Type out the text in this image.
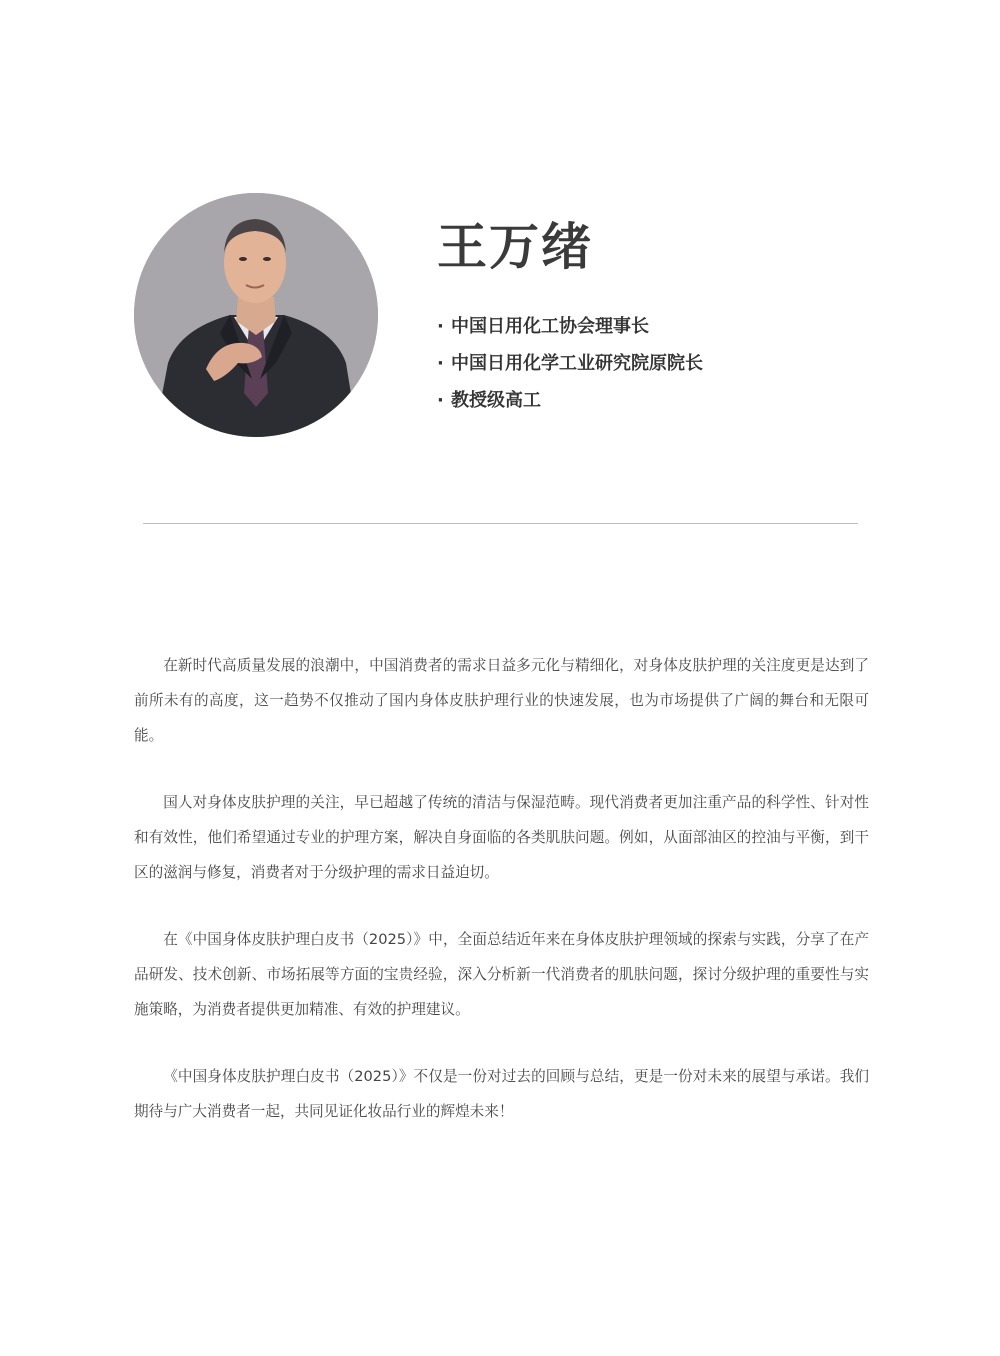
王万绪
· 中国日用化工协会理事长
· 中国日用化学工业研究院原院长
· 教授级高工

在新时代高质量发展的浪潮中，中国消费者的需求日益多元化与精细化，对身体皮肤护理的关注度更是达到了前所未有的高度，这一趋势不仅推动了国内身体皮肤护理行业的快速发展，也为市场提供了广阔的舞台和无限可能。

国人对身体皮肤护理的关注，早已超越了传统的清洁与保湿范畴。现代消费者更加注重产品的科学性、针对性和有效性，他们希望通过专业的护理方案，解决自身面临的各类肌肤问题。例如，从面部油区的控油与平衡，到干区的滋润与修复，消费者对于分级护理的需求日益迫切。

在《中国身体皮肤护理白皮书（2025）》中，全面总结近年来在身体皮肤护理领域的探索与实践，分享了在产品研发、技术创新、市场拓展等方面的宝贵经验，深入分析新一代消费者的肌肤问题，探讨分级护理的重要性与实施策略，为消费者提供更加精准、有效的护理建议。

《中国身体皮肤护理白皮书（2025）》不仅是一份对过去的回顾与总结，更是一份对未来的展望与承诺。我们期待与广大消费者一起，共同见证化妆品行业的辉煌未来！
